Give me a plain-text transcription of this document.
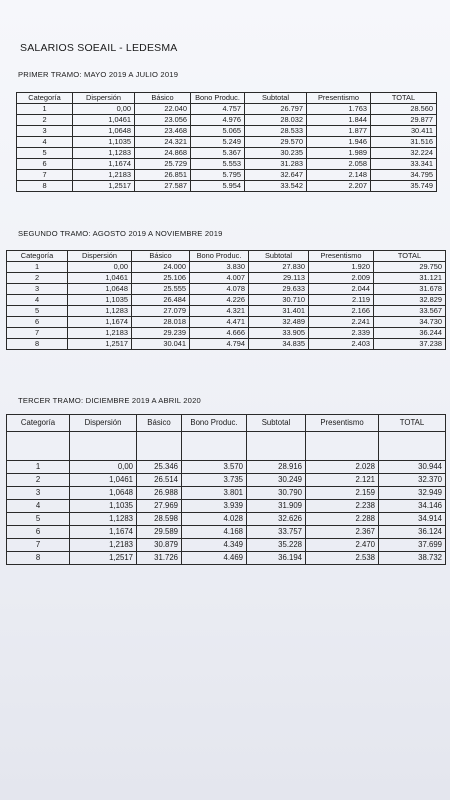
SALARIOS SOEAIL - LEDESMA
PRIMER TRAMO: MAYO 2019 A JULIO 2019
Categoría	Dispersión	Básico	Bono Produc.	Subtotal	Presentismo	TOTAL
1	0,00	22.040	4.757	26.797	1.763	28.560
2	1,0461	23.056	4.976	28.032	1.844	29.877
3	1,0648	23.468	5.065	28.533	1.877	30.411
4	1,1035	24.321	5.249	29.570	1.946	31.516
5	1,1283	24.868	5.367	30.235	1.989	32.224
6	1,1674	25.729	5.553	31.283	2.058	33.341
7	1,2183	26.851	5.795	32.647	2.148	34.795
8	1,2517	27.587	5.954	33.542	2.207	35.749
SEGUNDO TRAMO: AGOSTO 2019 A NOVIEMBRE 2019
Categoría	Dispersión	Básico	Bono Produc.	Subtotal	Presentismo	TOTAL
1	0,00	24.000	3.830	27.830	1.920	29.750
2	1,0461	25.106	4.007	29.113	2.009	31.121
3	1,0648	25.555	4.078	29.633	2.044	31.678
4	1,1035	26.484	4.226	30.710	2.119	32.829
5	1,1283	27.079	4.321	31.401	2.166	33.567
6	1,1674	28.018	4.471	32.489	2.241	34.730
7	1,2183	29.239	4.666	33.905	2.339	36.244
8	1,2517	30.041	4.794	34.835	2.403	37.238
TERCER TRAMO: DICIEMBRE 2019 A ABRIL 2020
Categoría	Dispersión	Básico	Bono Produc.	Subtotal	Presentismo	TOTAL

1	0,00	25.346	3.570	28.916	2.028	30.944
2	1,0461	26.514	3.735	30.249	2.121	32.370
3	1,0648	26.988	3.801	30.790	2.159	32.949
4	1,1035	27.969	3.939	31.909	2.238	34.146
5	1,1283	28.598	4.028	32.626	2.288	34.914
6	1,1674	29.589	4.168	33.757	2.367	36.124
7	1,2183	30.879	4.349	35.228	2.470	37.699
8	1,2517	31.726	4.469	36.194	2.538	38.732
